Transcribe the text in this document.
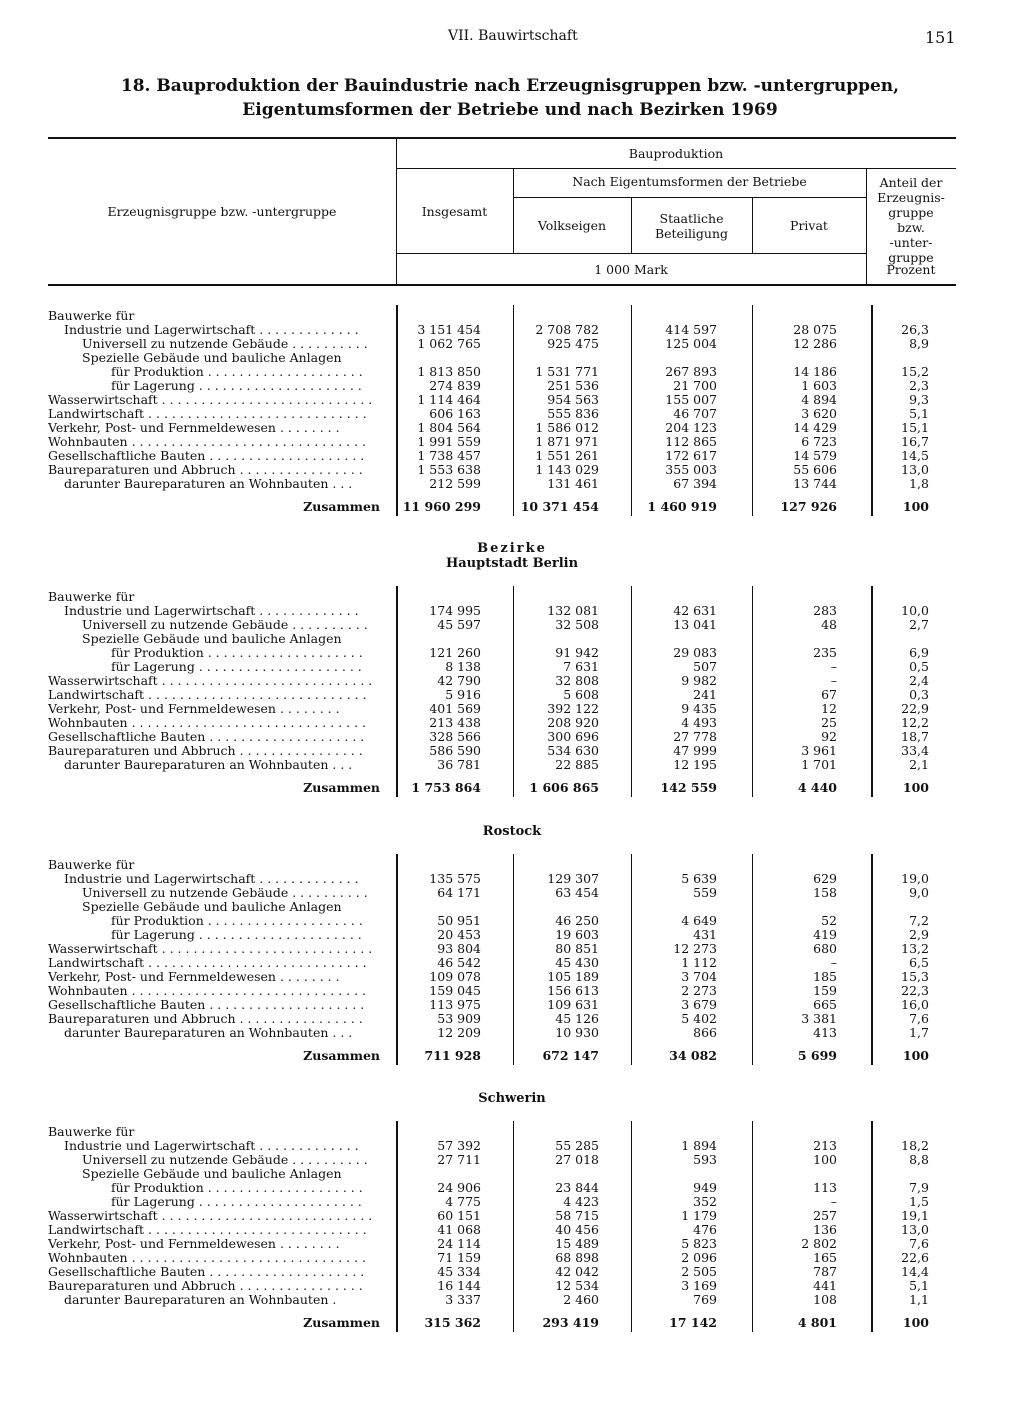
VII. Bauwirtschaft	151
18. Bauproduktion der Bauindustrie nach Erzeugnisgruppen bzw. -untergruppen,
Eigentumsformen der Betriebe und nach Bezirken 1969
Erzeugnisgruppe bzw. -untergruppe
Bauproduktion
Insgesamt
Nach Eigentumsformen der Betriebe
Volkseigen	Staatliche
Beteiligung
Privat
Anteil der
Erzeugnis-
gruppe
bzw.
-unter-
gruppe
1 000 Mark	Prozent
Bauwerke für
Industrie und Lagerwirtschaft . . . . . . . . . . . . .	3 151 454	2 708 782	414 597	28 075	26,3
Universell zu nutzende Gebäude . . . . . . . . . .	1 062 765	925 475	125 004	12 286	8,9
Spezielle Gebäude und bauliche Anlagen
für Produktion . . . . . . . . . . . . . . . . . . . .	1 813 850	1 531 771	267 893	14 186	15,2
für Lagerung . . . . . . . . . . . . . . . . . . . . .	274 839	251 536	21 700	1 603	2,3
Wasserwirtschaft . . . . . . . . . . . . . . . . . . . . . . . . . . .	1 114 464	954 563	155 007	4 894	9,3
Landwirtschaft . . . . . . . . . . . . . . . . . . . . . . . . . . . .	606 163	555 836	46 707	3 620	5,1
Verkehr, Post- und Fernmeldewesen . . . . . . . .	1 804 564	1 586 012	204 123	14 429	15,1
Wohnbauten . . . . . . . . . . . . . . . . . . . . . . . . . . . . . .	1 991 559	1 871 971	112 865	6 723	16,7
Gesellschaftliche Bauten . . . . . . . . . . . . . . . . . . . .	1 738 457	1 551 261	172 617	14 579	14,5
Baureparaturen und Abbruch . . . . . . . . . . . . . . . .	1 553 638	1 143 029	355 003	55 606	13,0
darunter Baureparaturen an Wohnbauten . . .	212 599	131 461	67 394	13 744	1,8
Zusammen 11 960 299	10 371 454	1 460 919	127 926	100
Bezirke
Hauptstadt Berlin
Bauwerke für
Industrie und Lagerwirtschaft . . . . . . . . . . . . .	174 995	132 081	42 631	283	10,0
Universell zu nutzende Gebäude . . . . . . . . . .	45 597	32 508	13 041	48	2,7
Spezielle Gebäude und bauliche Anlagen
für Produktion . . . . . . . . . . . . . . . . . . . .	121 260	91 942	29 083	235	6,9
für Lagerung . . . . . . . . . . . . . . . . . . . . .	8 138	7 631	507	–	0,5
Wasserwirtschaft . . . . . . . . . . . . . . . . . . . . . . . . . . .	42 790	32 808	9 982	–	2,4
Landwirtschaft . . . . . . . . . . . . . . . . . . . . . . . . . . . .	5 916	5 608	241	67	0,3
Verkehr, Post- und Fernmeldewesen . . . . . . . .	401 569	392 122	9 435	12	22,9
Wohnbauten . . . . . . . . . . . . . . . . . . . . . . . . . . . . . .	213 438	208 920	4 493	25	12,2
Gesellschaftliche Bauten . . . . . . . . . . . . . . . . . . . .	328 566	300 696	27 778	92	18,7
Baureparaturen und Abbruch . . . . . . . . . . . . . . . .	586 590	534 630	47 999	3 961	33,4
darunter Baureparaturen an Wohnbauten . . .	36 781	22 885	12 195	1 701	2,1
Zusammen	1 753 864	1 606 865	142 559	4 440	100
Rostock
Bauwerke für
Industrie und Lagerwirtschaft . . . . . . . . . . . . .	135 575	129 307	5 639	629	19,0
Universell zu nutzende Gebäude . . . . . . . . . .	64 171	63 454	559	158	9,0
Spezielle Gebäude und bauliche Anlagen
für Produktion . . . . . . . . . . . . . . . . . . . .	50 951	46 250	4 649	52	7,2
für Lagerung . . . . . . . . . . . . . . . . . . . . .	20 453	19 603	431	419	2,9
Wasserwirtschaft . . . . . . . . . . . . . . . . . . . . . . . . . . .	93 804	80 851	12 273	680	13,2
Landwirtschaft . . . . . . . . . . . . . . . . . . . . . . . . . . . .	46 542	45 430	1 112	–	6,5
Verkehr, Post- und Fernmeldewesen . . . . . . . .	109 078	105 189	3 704	185	15,3
Wohnbauten . . . . . . . . . . . . . . . . . . . . . . . . . . . . . .	159 045	156 613	2 273	159	22,3
Gesellschaftliche Bauten . . . . . . . . . . . . . . . . . . . .	113 975	109 631	3 679	665	16,0
Baureparaturen und Abbruch . . . . . . . . . . . . . . . .	53 909	45 126	5 402	3 381	7,6
darunter Baureparaturen an Wohnbauten . . .	12 209	10 930	866	413	1,7
Zusammen	711 928	672 147	34 082	5 699	100
Schwerin
Bauwerke für
Industrie und Lagerwirtschaft . . . . . . . . . . . . .	57 392	55 285	1 894	213	18,2
Universell zu nutzende Gebäude . . . . . . . . . .	27 711	27 018	593	100	8,8
Spezielle Gebäude und bauliche Anlagen
für Produktion . . . . . . . . . . . . . . . . . . . .	24 906	23 844	949	113	7,9
für Lagerung . . . . . . . . . . . . . . . . . . . . .	4 775	4 423	352	–	1,5
Wasserwirtschaft . . . . . . . . . . . . . . . . . . . . . . . . . . .	60 151	58 715	1 179	257	19,1
Landwirtschaft . . . . . . . . . . . . . . . . . . . . . . . . . . . .	41 068	40 456	476	136	13,0
Verkehr, Post- und Fernmeldewesen . . . . . . . .	24 114	15 489	5 823	2 802	7,6
Wohnbauten . . . . . . . . . . . . . . . . . . . . . . . . . . . . . .	71 159	68 898	2 096	165	22,6
Gesellschaftliche Bauten . . . . . . . . . . . . . . . . . . . .	45 334	42 042	2 505	787	14,4
Baureparaturen und Abbruch . . . . . . . . . . . . . . . .	16 144	12 534	3 169	441	5,1
darunter Baureparaturen an Wohnbauten .	3 337	2 460	769	108	1,1
Zusammen	315 362	293 419	17 142	4 801	100
